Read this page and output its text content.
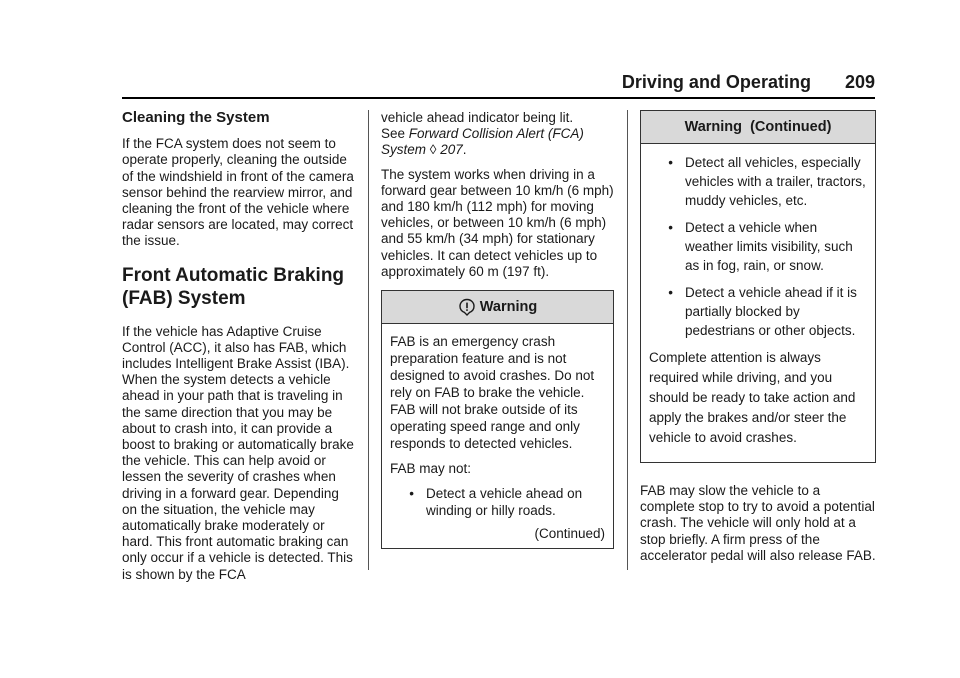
Driving and Operating 209
Cleaning the System

If the FCA system does not seem to operate properly, cleaning the outside of the windshield in front of the camera sensor behind the rearview mirror, and cleaning the front of the vehicle where radar sensors are located, may correct the issue.

Front Automatic Braking
(FAB) System

If the vehicle has Adaptive Cruise Control (ACC), it also has FAB, which includes Intelligent Brake Assist (IBA). When the system detects a vehicle ahead in your path that is traveling in the same direction that you may be about to crash into, it can provide a boost to braking or automatically brake the vehicle. This can help avoid or lessen the severity of crashes when driving in a forward gear. Depending on the situation, the vehicle may automatically brake moderately or hard. This front automatic braking can only occur if a vehicle is detected. This is shown by the FCA

vehicle ahead indicator being lit.
See Forward Collision Alert (FCA) System ◊ 207.

The system works when driving in a forward gear between 10 km/h (6 mph) and 180 km/h (112 mph) for moving vehicles, or between 10 km/h (6 mph) and 55 km/h (34 mph) for stationary vehicles. It can detect vehicles up to approximately 60 m (197 ft).

Warning

FAB is an emergency crash preparation feature and is not designed to avoid crashes. Do not rely on FAB to brake the vehicle. FAB will not brake outside of its operating speed range and only responds to detected vehicles.

FAB may not:

• Detect a vehicle ahead on winding or hilly roads.
(Continued)
Warning  (Continued)
• Detect all vehicles, especially vehicles with a trailer, tractors, muddy vehicles, etc.
• Detect a vehicle when weather limits visibility, such as in fog, rain, or snow.
• Detect a vehicle ahead if it is partially blocked by pedestrians or other objects.

Complete attention is always required while driving, and you should be ready to take action and apply the brakes and/or steer the vehicle to avoid crashes.

FAB may slow the vehicle to a complete stop to try to avoid a potential crash. The vehicle will only hold at a stop briefly. A firm press of the accelerator pedal will also release FAB.
